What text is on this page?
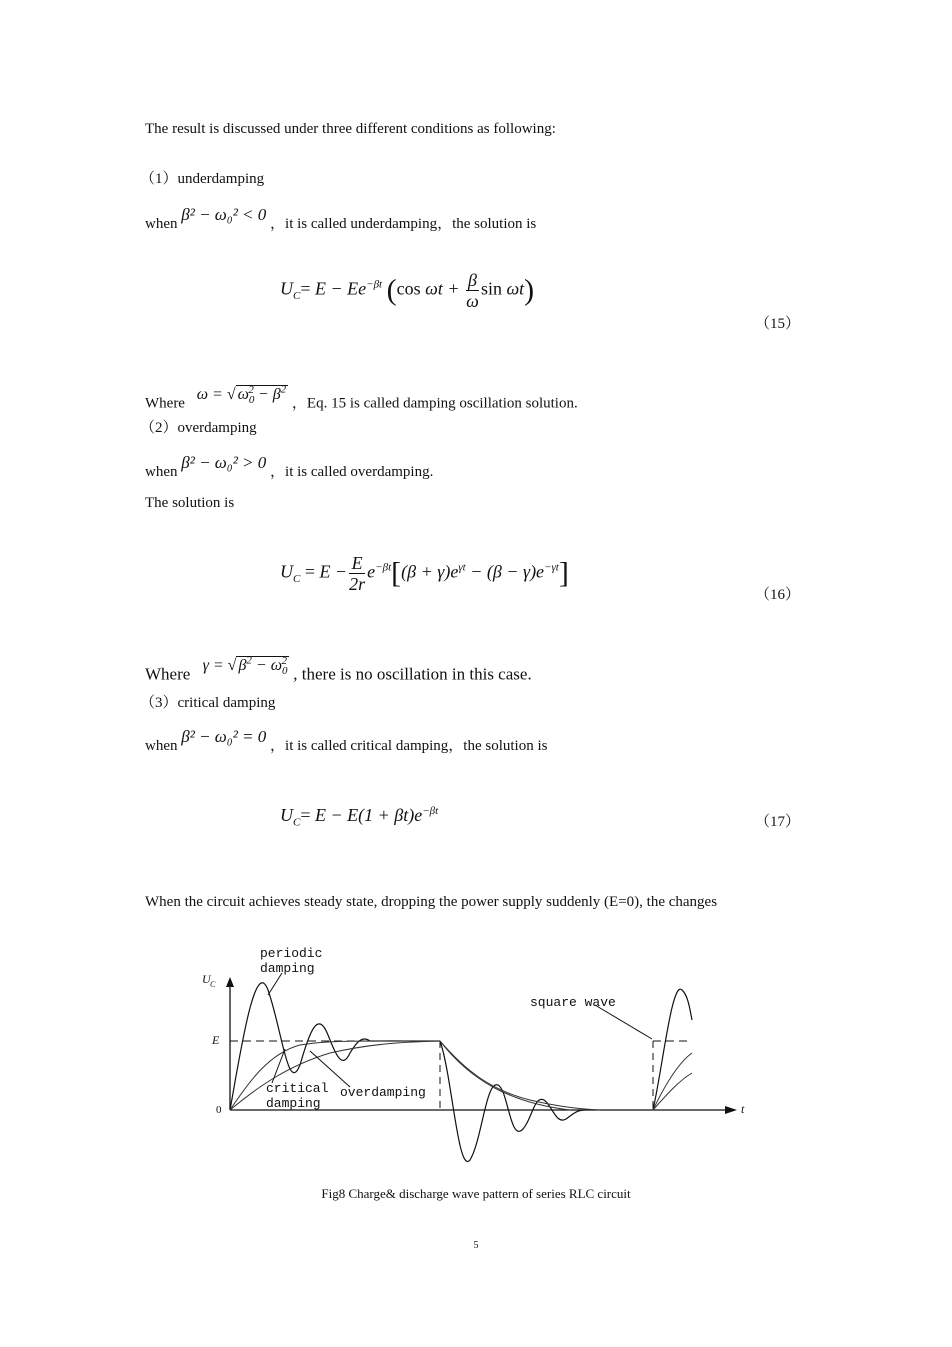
The result is discussed under three different conditions as following:
（1）underdamping
when β² − ω₀² < 0 ，it is called underdamping，the solution is
$U_C= E - Ee^{-\beta t}$ (cos $\omega t + \frac{\beta}{\omega}$ sin ωt)
（15）
Where ω = √ $\omega_0^2 - \beta^2$ ，Eq. 15 is called damping oscillation solution.
（2）overdamping
when β² − ω₀² > 0 ，it is called overdamping.
The solution is
$U_C = E - \frac{E}{2r} e^{-\beta t}[(\beta + \gamma)e^{\gamma t} - (\beta - \gamma)e^{-\gamma t}]$
（16）
Where γ = √ $\beta^2 - \omega_0^2$ , there is no oscillation in this case.
（3）critical damping
when β² − ω₀² = 0 ，it is called critical damping，the solution is
$U_C= E - E(1 + \beta t)e^{-\beta t}$
（17）
When the circuit achieves steady state, dropping the power supply suddenly (E=0), the changes
U C
E
0	t
periodic
damping
square wave
critical
damping
overdamping
Fig8 Charge& discharge wave pattern of series RLC circuit
5
